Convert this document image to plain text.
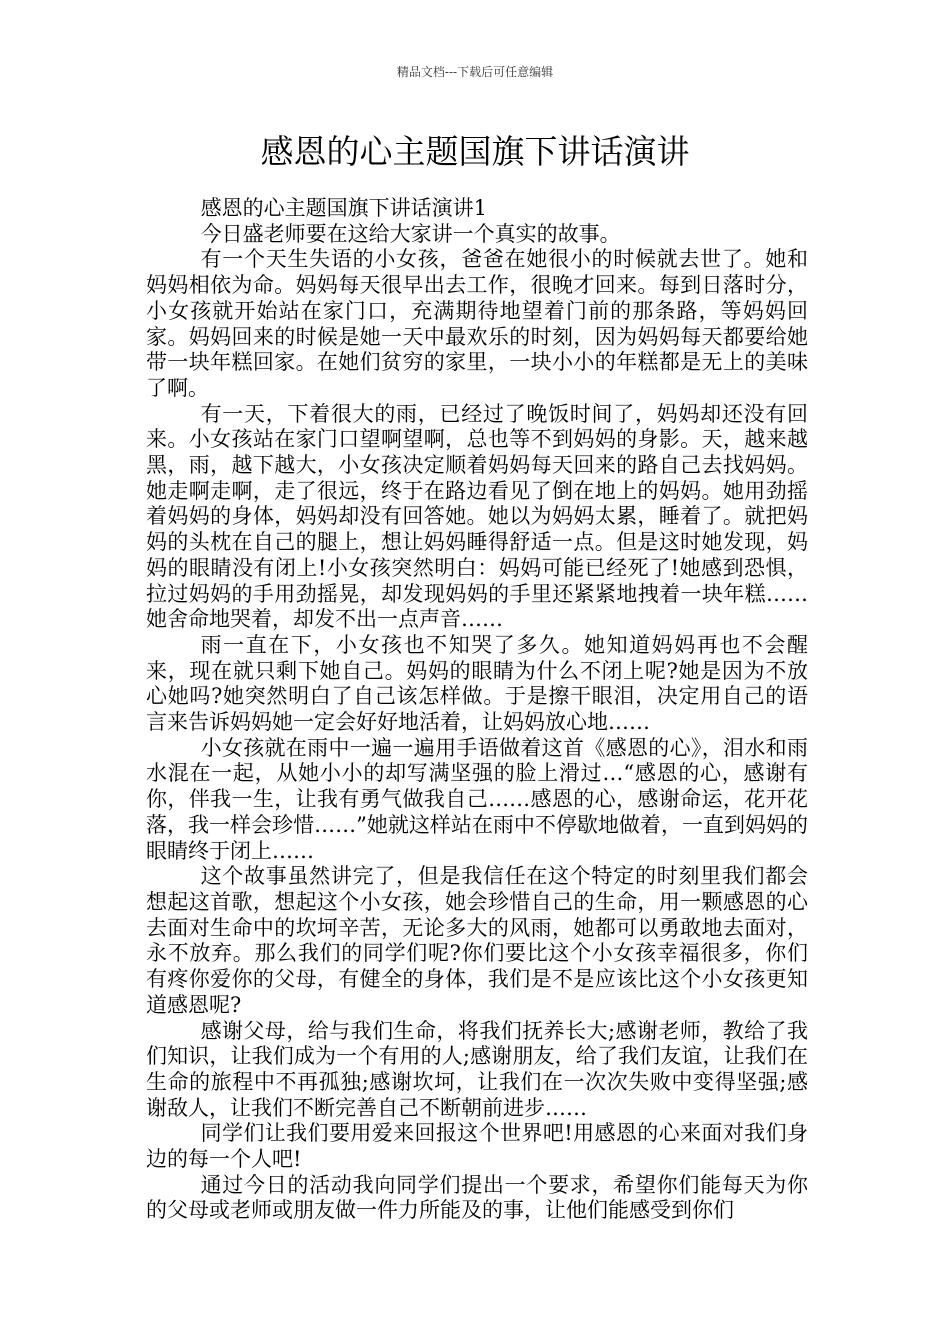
精品文档---下载后可任意编辑
感恩的心主题国旗下讲话演讲

感恩的心主题国旗下讲话演讲1

今日盛老师要在这给大家讲一个真实的故事。

有一个天生失语的小女孩，爸爸在她很小的时候就去世了。她和妈妈相依为命。妈妈每天很早出去工作，很晚才回来。每到日落时分，小女孩就开始站在家门口，充满期待地望着门前的那条路，等妈妈回家。妈妈回来的时候是她一天中最欢乐的时刻，因为妈妈每天都要给她带一块年糕回家。在她们贫穷的家里，一块小小的年糕都是无上的美味了啊。

有一天，下着很大的雨，已经过了晚饭时间了，妈妈却还没有回来。小女孩站在家门口望啊望啊，总也等不到妈妈的身影。天，越来越黑，雨，越下越大，小女孩决定顺着妈妈每天回来的路自己去找妈妈。她走啊走啊，走了很远，终于在路边看见了倒在地上的妈妈。她用劲摇着妈妈的身体，妈妈却没有回答她。她以为妈妈太累，睡着了。就把妈妈的头枕在自己的腿上，想让妈妈睡得舒适一点。但是这时她发现，妈妈的眼睛没有闭上!小女孩突然明白：妈妈可能已经死了!她感到恐惧，拉过妈妈的手用劲摇晃，却发现妈妈的手里还紧紧地拽着一块年糕……她舍命地哭着，却发不出一点声音……

雨一直在下，小女孩也不知哭了多久。她知道妈妈再也不会醒来，现在就只剩下她自己。妈妈的眼睛为什么不闭上呢?她是因为不放心她吗?她突然明白了自己该怎样做。于是擦干眼泪，决定用自己的语言来告诉妈妈她一定会好好地活着，让妈妈放心地……

小女孩就在雨中一遍一遍用手语做着这首《感恩的心》，泪水和雨水混在一起，从她小小的却写满坚强的脸上滑过…“感恩的心，感谢有你，伴我一生，让我有勇气做我自己……感恩的心，感谢命运，花开花落，我一样会珍惜……”她就这样站在雨中不停歇地做着，一直到妈妈的眼睛终于闭上……

这个故事虽然讲完了，但是我信任在这个特定的时刻里我们都会想起这首歌，想起这个小女孩，她会珍惜自己的生命，用一颗感恩的心去面对生命中的坎坷辛苦，无论多大的风雨，她都可以勇敢地去面对，永不放弃。那么我们的同学们呢?你们要比这个小女孩幸福很多，你们有疼你爱你的父母，有健全的身体，我们是不是应该比这个小女孩更知道感恩呢?

感谢父母，给与我们生命，将我们抚养长大;感谢老师，教给了我们知识，让我们成为一个有用的人;感谢朋友，给了我们友谊，让我们在生命的旅程中不再孤独;感谢坎坷，让我们在一次次失败中变得坚强;感谢敌人，让我们不断完善自己不断朝前进步……

同学们让我们要用爱来回报这个世界吧!用感恩的心来面对我们身边的每一个人吧!

通过今日的活动我向同学们提出一个要求，希望你们能每天为你的父母或老师或朋友做一件力所能及的事，让他们能感受到你们
